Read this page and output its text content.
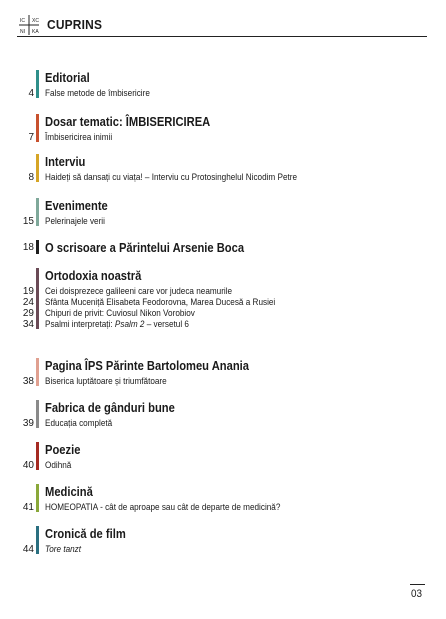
IC XC
NI KA CUPRINS
Editorial
4 False metode de îmbisericire
Dosar tematic: ÎMBISERICIREA
7 Îmbisericirea inimii
Interviu
8 Haideți să dansați cu viața! – Interviu cu Protosinghelul Nicodim Petre
Evenimente
15 Pelerinajele verii
O scrisoare a Părintelui Arsenie Boca
18
Ortodoxia noastră
19 Cei doisprezece galileeni care vor judeca neamurile
24 Sfânta Muceniță Elisabeta Feodorovna, Marea Ducesă a Rusiei
29 Chipuri de privit: Cuviosul Nikon Vorobiov
34 Psalmi interpretați: Psalm 2 – versetul 6
Pagina ÎPS Părinte Bartolomeu Anania
38 Biserica luptătoare și triumfătoare
Fabrica de gânduri bune
39 Educația completă
Poezie
40 Odihnă
Medicină
41 HOMEOPATIA - cât de aproape sau cât de departe de medicină?
Cronică de film
44 Tore tanzt
03
